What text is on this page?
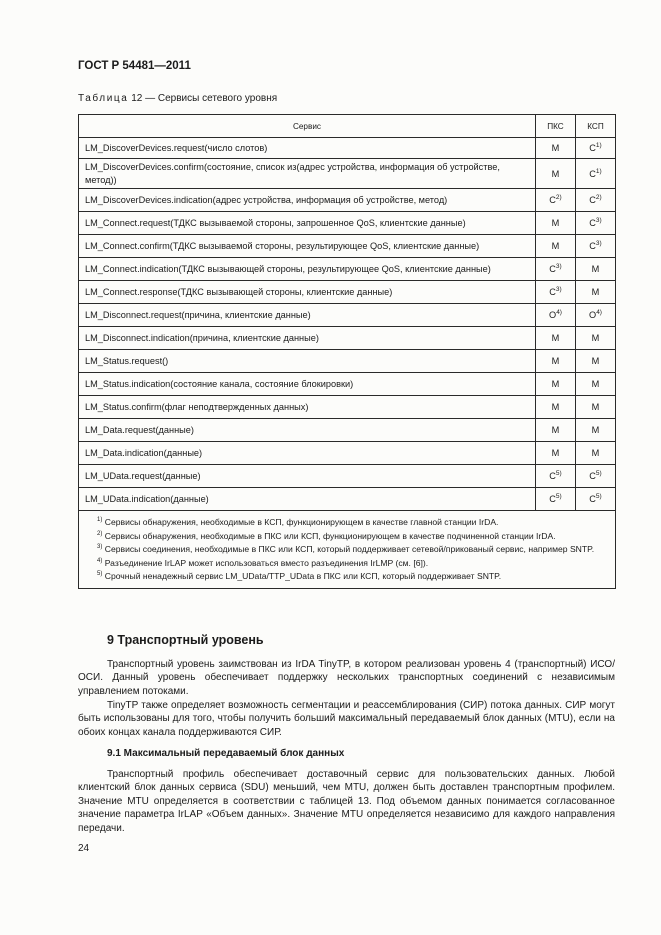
ГОСТ Р 54481—2011
Таблица 12 — Сервисы сетевого уровня
Сервис	ПКС	КСП
LM_DiscoverDevices.request(число слотов)	M	$C^{1)}$
LM_DiscoverDevices.confirm(состояние, список из(адрес устройства, информация об устройстве, метод))	M	$C^{1)}$
LM_DiscoverDevices.indication(адрес устройства, информация об устройстве, метод)	$C^{2)}$	$C^{2)}$
LM_Connect.request(ТДКС вызываемой стороны, запрошенное QoS, клиентские данные)	M	$C^{3)}$
LM_Connect.confirm(ТДКС вызываемой стороны, результирующее QoS, клиентские данные)	M	$C^{3)}$
LM_Connect.indication(ТДКС вызывающей стороны, результирующее QoS, клиентские данные)	$C^{3)}$	M
LM_Connect.response(ТДКС вызывающей стороны, клиентские данные)	$C^{3)}$	M
LM_Disconnect.request(причина, клиентские данные)	$O^{4)}$	$O^{4)}$
LM_Disconnect.indication(причина, клиентские данные)	M	M
LM_Status.request()	M	M
LM_Status.indication(состояние канала, состояние блокировки)	M	M
LM_Status.confirm(флаг неподтвержденных данных)	M	M
LM_Data.request(данные)	M	M
LM_Data.indication(данные)	M	M
LM_UData.request(данные)	$C^{5)}$	$C^{5)}$
LM_UData.indication(данные)	$C^{5)}$	$C^{5)}$

$^{1)}$ Сервисы обнаружения, необходимые в КСП, функционирующем в качестве главной станции IrDA.
$^{2)}$ Сервисы обнаружения, необходимые в ПКС или КСП, функционирующем в качестве подчиненной станции IrDA.
$^{3)}$ Сервисы соединения, необходимые в ПКС или КСП, который поддерживает сетевой/прикованый сервис, например SNTP.
$^{4)}$ Разъединение IrLAP может использоваться вместо разъединения IrLMP (см. [6]).
$^{5)}$ Срочный ненадежный сервис LM_UData/TTP_UData в ПКС или КСП, который поддерживает SNTP.		
9 Транспортный уровень
Транспортный уровень заимствован из IrDA TinyTP, в котором реализован уровень 4 (транспортный) ИСО/ОСИ. Данный уровень обеспечивает поддержку нескольких транспортных соединений с независимым управлением потоками.
TinyTP также определяет возможность сегментации и реассемблирования (СИР) потока данных. СИР могут быть использованы для того, чтобы получить больший максимальный передаваемый блок данных (MTU), если на обоих концах канала поддерживаются СИР.
9.1 Максимальный передаваемый блок данных
Транспортный профиль обеспечивает доставочный сервис для пользовательских данных. Любой клиентский блок данных сервиса (SDU) меньший, чем MTU, должен быть доставлен транспортным профилем. Значение MTU определяется в соответствии с таблицей 13. Под объемом данных понимается согласованное значение параметра IrLAP «Объем данных». Значение MTU определяется независимо для каждого направления передачи.
24
